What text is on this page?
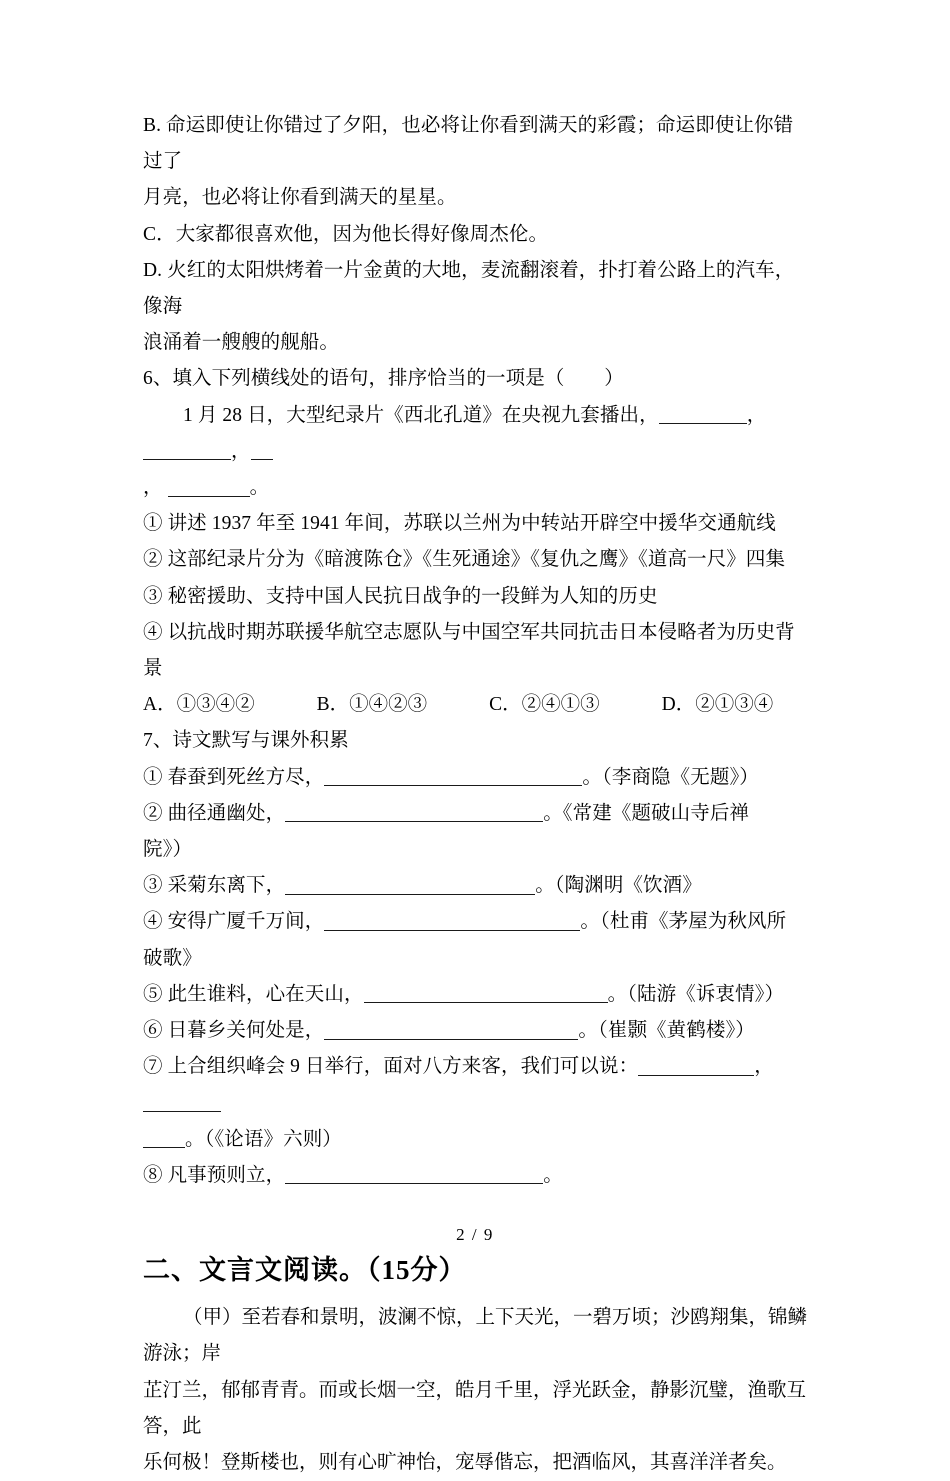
B. 命运即使让你错过了夕阳，也必将让你看到满天的彩霞；命运即使让你错过了
月亮，也必将让你看到满天的星星。
C．大家都很喜欢他，因为他长得好像周杰伦。
D. 火红的太阳烘烤着一片金黄的大地，麦流翻滚着，扑打着公路上的汽车，像海
浪涌着一艘艘的舰船。
6、填入下列横线处的语句，排序恰当的一项是（        ）
1 月 28 日，大型纪录片《西北孔道》在央视九套播出，	，，
，	。
① 讲述 1937 年至 1941 年间，苏联以兰州为中转站开辟空中援华交通航线
② 这部纪录片分为《暗渡陈仓》《生死通途》《复仇之鹰》《道高一尺》四集
③ 秘密援助、支持中国人民抗日战争的一段鲜为人知的历史
④ 以抗战时期苏联援华航空志愿队与中国空军共同抗击日本侵略者为历史背景
A．①③④②	B．①④②③	C．②④①③	D．②①③④
7、诗文默写与课外积累
① 春蚕到死丝方尽，	。（李商隐《无题》）
② 曲径通幽处，	。《常建《题破山寺后禅
院》）
③ 采菊东离下，	。（陶渊明《饮酒》
④ 安得广厦千万间，	。（杜甫《茅屋为秋风所
破歌》
⑤ 此生谁料，心在天山，	。（陆游《诉衷情》）
⑥ 日暮乡关何处是，	。（崔颢《黄鹤楼》）
⑦ 上合组织峰会 9 日举行，面对八方来客，我们可以说：	，
。（《论语》六则）
⑧ 凡事预则立，	。
二、文言文阅读。（15分）
（甲）至若春和景明，波澜不惊，上下天光，一碧万顷；沙鸥翔集，锦鳞游泳；岸
芷汀兰，郁郁青青。而或长烟一空，皓月千里，浮光跃金，静影沉璧，渔歌互答，此
乐何极！登斯楼也，则有心旷神怡，宠辱偕忘，把酒临风，其喜洋洋者矣。
2 / 9
